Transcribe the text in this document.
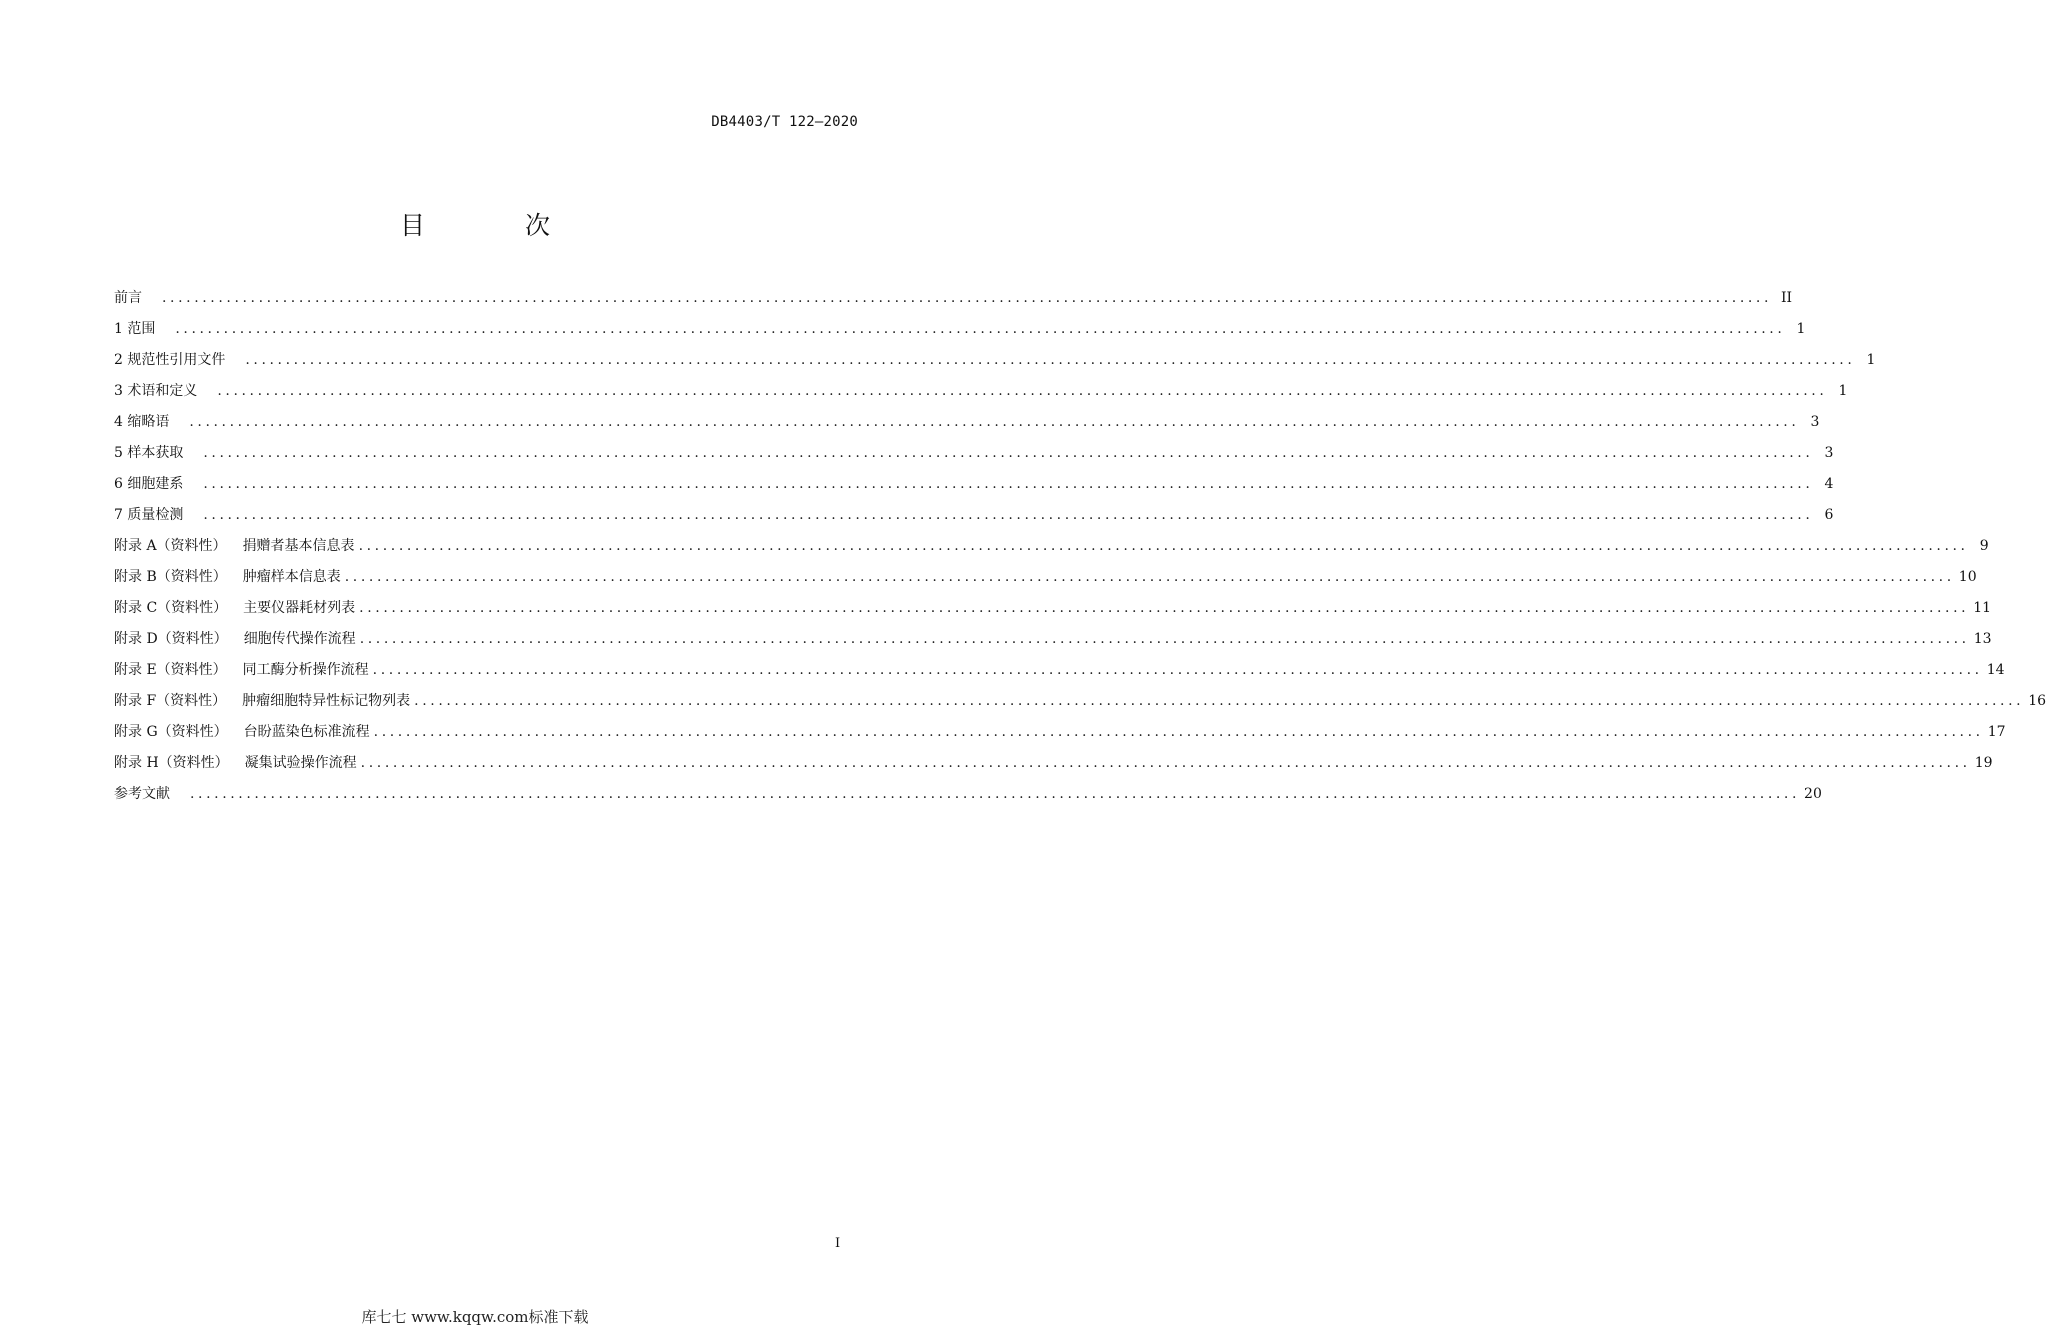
DB4403/T 122—2020
目 次
前言	........................................................................................................................................................................................................ II
1 范围	........................................................................................................................................................................................................ 1
2 规范性引用文件	........................................................................................................................................................................................................ 1
3 术语和定义	........................................................................................................................................................................................................ 1
4 缩略语	........................................................................................................................................................................................................ 3
5 样本获取	........................................................................................................................................................................................................ 3
6 细胞建系	........................................................................................................................................................................................................ 4
7 质量检测	........................................................................................................................................................................................................ 6
附录 A（资料性） 捐赠者基本信息表 ........................................................................................................................................................................................................ 9
附录 B（资料性） 肿瘤样本信息表 ........................................................................................................................................................................................................ 10
附录 C（资料性） 主要仪器耗材列表 ........................................................................................................................................................................................................ 11
附录 D（资料性） 细胞传代操作流程 ........................................................................................................................................................................................................ 13
附录 E（资料性） 同工酶分析操作流程 ........................................................................................................................................................................................................ 14
附录 F（资料性） 肿瘤细胞特异性标记物列表 ........................................................................................................................................................................................................ 16
附录 G（资料性） 台盼蓝染色标准流程 ........................................................................................................................................................................................................ 17
附录 H（资料性） 凝集试验操作流程 ........................................................................................................................................................................................................ 19
参考文献	........................................................................................................................................................................................................ 20
I
库七七 www.kqqw.com标准下载
